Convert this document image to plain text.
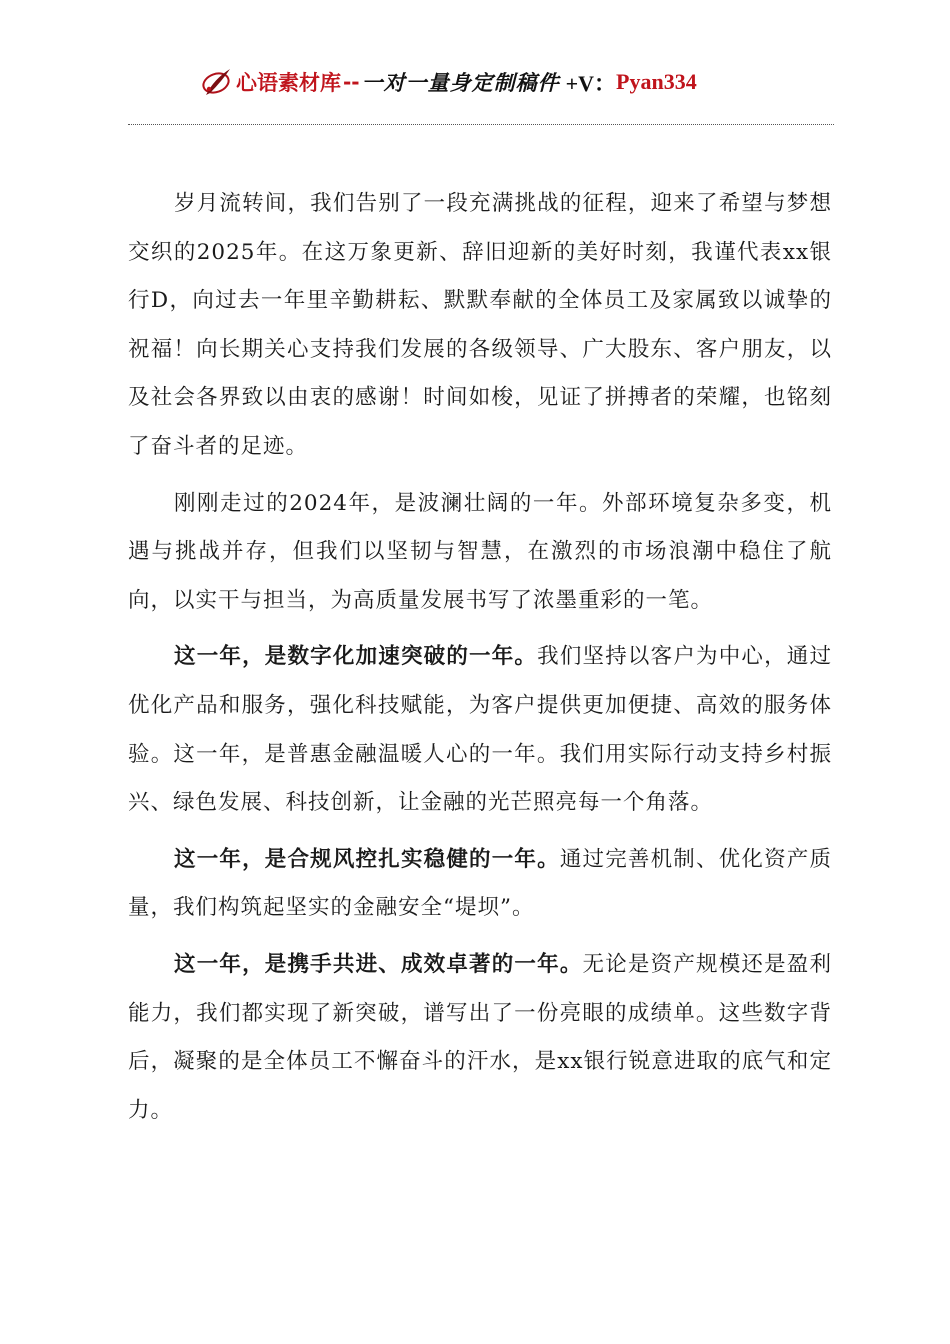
心语素材库 -- 一对一量身定制稿件 +V： Pyan334

岁月流转间，我们告别了一段充满挑战的征程，迎来了希望与梦想交织的2025年。在这万象更新、辞旧迎新的美好时刻，我谨代表xx银行D，向过去一年里辛勤耕耘、默默奉献的全体员工及家属致以诚挚的祝福！向长期关心支持我们发展的各级领导、广大股东、客户朋友，以及社会各界致以由衷的感谢！时间如梭，见证了拼搏者的荣耀，也铭刻了奋斗者的足迹。

刚刚走过的2024年，是波澜壮阔的一年。外部环境复杂多变，机遇与挑战并存，但我们以坚韧与智慧，在激烈的市场浪潮中稳住了航向，以实干与担当，为高质量发展书写了浓墨重彩的一笔。

这一年，是数字化加速突破的一年。我们坚持以客户为中心，通过优化产品和服务，强化科技赋能，为客户提供更加便捷、高效的服务体验。这一年，是普惠金融温暖人心的一年。我们用实际行动支持乡村振兴、绿色发展、科技创新，让金融的光芒照亮每一个角落。

这一年，是合规风控扎实稳健的一年。通过完善机制、优化资产质量，我们构筑起坚实的金融安全“堤坝”。

这一年，是携手共进、成效卓著的一年。无论是资产规模还是盈利能力，我们都实现了新突破，谱写出了一份亮眼的成绩单。这些数字背后，凝聚的是全体员工不懈奋斗的汗水，是xx银行锐意进取的底气和定力。
